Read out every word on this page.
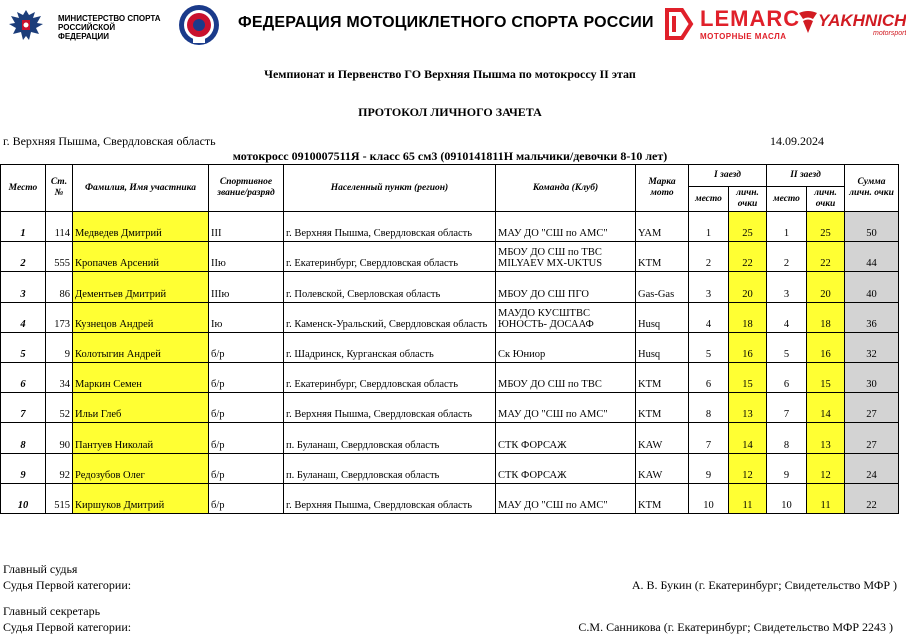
МИНИСТЕРСТВО СПОРТА
РОССИЙСКОЙ ФЕДЕРАЦИИ
ФЕДЕРАЦИЯ МОТОЦИКЛЕТНОГО СПОРТА РОССИИ LEMARC
МОТОРНЫЕ МАСЛА
YAKHNICH
motorsport
Чемпионат и Первенство ГО Верхняя Пышма по мотокроссу II этап
ПРОТОКОЛ ЛИЧНОГО ЗАЧЕТА
г. Верхняя Пышма, Свердловская область	14.09.2024
мотокросс 0910007511Я - класс 65 см3 (0910141811Н мальчики/девочки 8-10 лет)
Место	Ст. №	Фамилия, Имя участника	Спортивное звание/разряд	Населенный пункт (регион)	Команда (Клуб)	Марка мото	I заезд		II заезд		Сумма личн. очки
							место	личн. очки	место	личн. очки	
1	114	Медведев Дмитрий	III	г. Верхняя Пышма, Свердловская область	МАУ ДО "СШ по АМС"	YAM	1	25	1	25	50
2	555	Кропачев Арсений	IIю	г. Екатеринбург, Свердловская область	МБОУ ДО СШ по ТВС MILYAEV MX-UKTUS	KTM	2	22	2	22	44
3	86	Дементьев Дмитрий	IIIю	г. Полевской, Сверловская область	МБОУ ДО СШ ПГО	Gas-Gas	3	20	3	20	40
4	173	Кузнецов Андрей	Iю	г. Каменск-Уральский, Свердловская область	МАУДО КУСШТВС ЮНОСТЬ- ДОСААФ	Husq	4	18	4	18	36
5	9	Колотыгин Андрей	б/р	г. Шадринск, Курганская область	Ск Юниор	Husq	5	16	5	16	32
6	34	Маркин Семен	б/р	г. Екатеринбург, Свердловская область	МБОУ ДО СШ по ТВС	KTM	6	15	6	15	30
7	52	Ильи Глеб	б/р	г. Верхняя Пышма, Свердловская область	МАУ ДО "СШ по АМС"	KTM	8	13	7	14	27
8	90	Пантуев Николай	б/р	п. Буланаш, Свердловская область	СТК ФОРСАЖ	KAW	7	14	8	13	27
9	92	Редозубов Олег	б/р	п. Буланаш, Свердловская область	СТК ФОРСАЖ	KAW	9	12	9	12	24
10	515	Киршуков Дмитрий	б/р	г. Верхняя Пышма, Свердловская область	МАУ ДО "СШ по АМС"	KTM	10	11	10	11	22
Главный судья
Судья Первой категории:	А. В. Букин (г. Екатеринбург; Свидетельство МФР )
Главный секретарь
Судья Первой категории:	С.М. Санникова (г. Екатеринбург; Свидетельство МФР 2243 )
